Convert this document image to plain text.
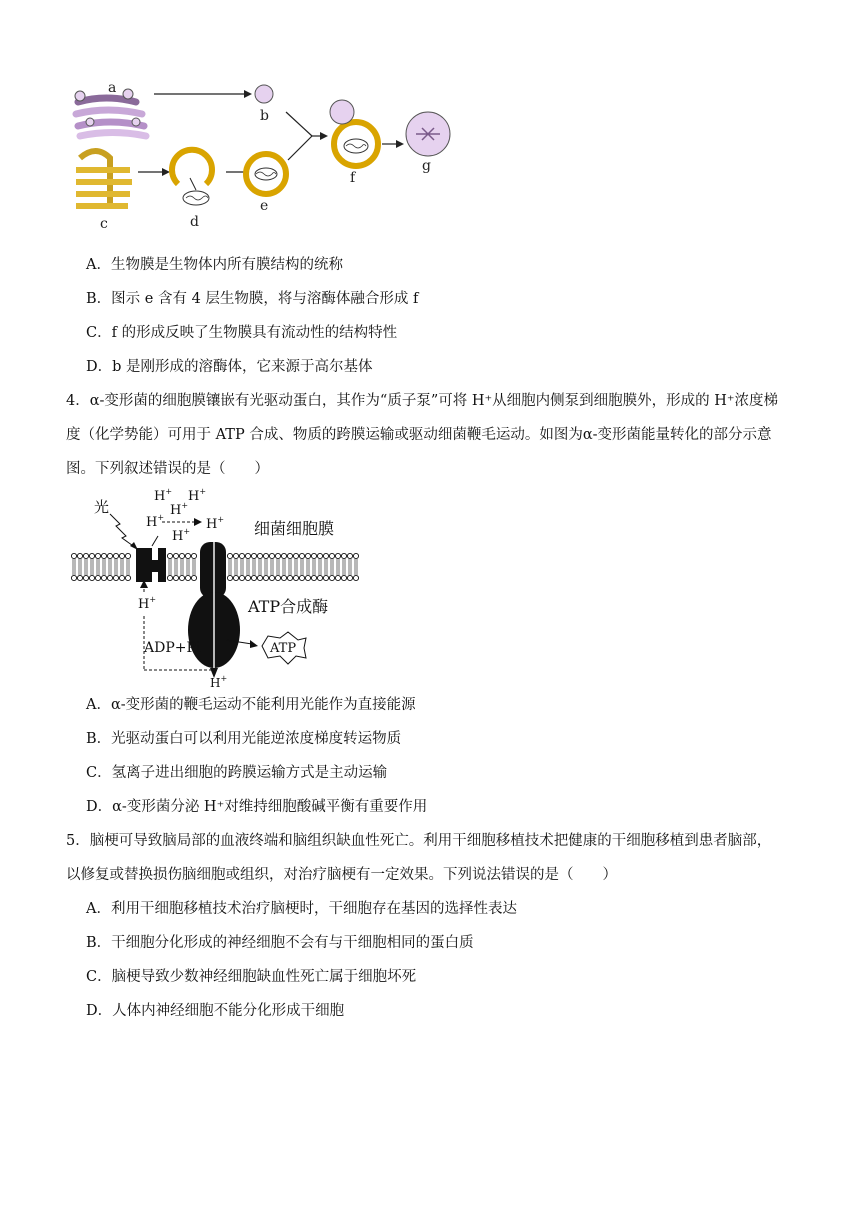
a
b
c	d
e
f
g
A．生物膜是生物体内所有膜结构的统称
B．图示 e 含有 4 层生物膜，将与溶酶体融合形成 f
C．f 的形成反映了生物膜具有流动性的结构特性
D．b 是刚形成的溶酶体，它来源于高尔基体
4．α-变形菌的细胞膜镶嵌有光驱动蛋白，其作为“质子泵”可将 H⁺从细胞内侧泵到细胞膜外，形成的 H⁺浓度梯
度（化学势能）可用于 ATP 合成、物质的跨膜运输或驱动细菌鞭毛运动。如图为α-变形菌能量转化的部分示意
图。下列叙述错误的是（　　）
光
H+ H+
H+
H+	H+
H+	细菌细胞膜
H+
ATP合成酶
H+
ADP+Pi	ATP
A．α-变形菌的鞭毛运动不能利用光能作为直接能源
B．光驱动蛋白可以利用光能逆浓度梯度转运物质
C．氢离子进出细胞的跨膜运输方式是主动运输
D．α-变形菌分泌 H⁺对维持细胞酸碱平衡有重要作用
5．脑梗可导致脑局部的血液终端和脑组织缺血性死亡。利用干细胞移植技术把健康的干细胞移植到患者脑部，
以修复或替换损伤脑细胞或组织，对治疗脑梗有一定效果。下列说法错误的是（　　）
A．利用干细胞移植技术治疗脑梗时，干细胞存在基因的选择性表达
B．干细胞分化形成的神经细胞不会有与干细胞相同的蛋白质
C．脑梗导致少数神经细胞缺血性死亡属于细胞坏死
D．人体内神经细胞不能分化形成干细胞
